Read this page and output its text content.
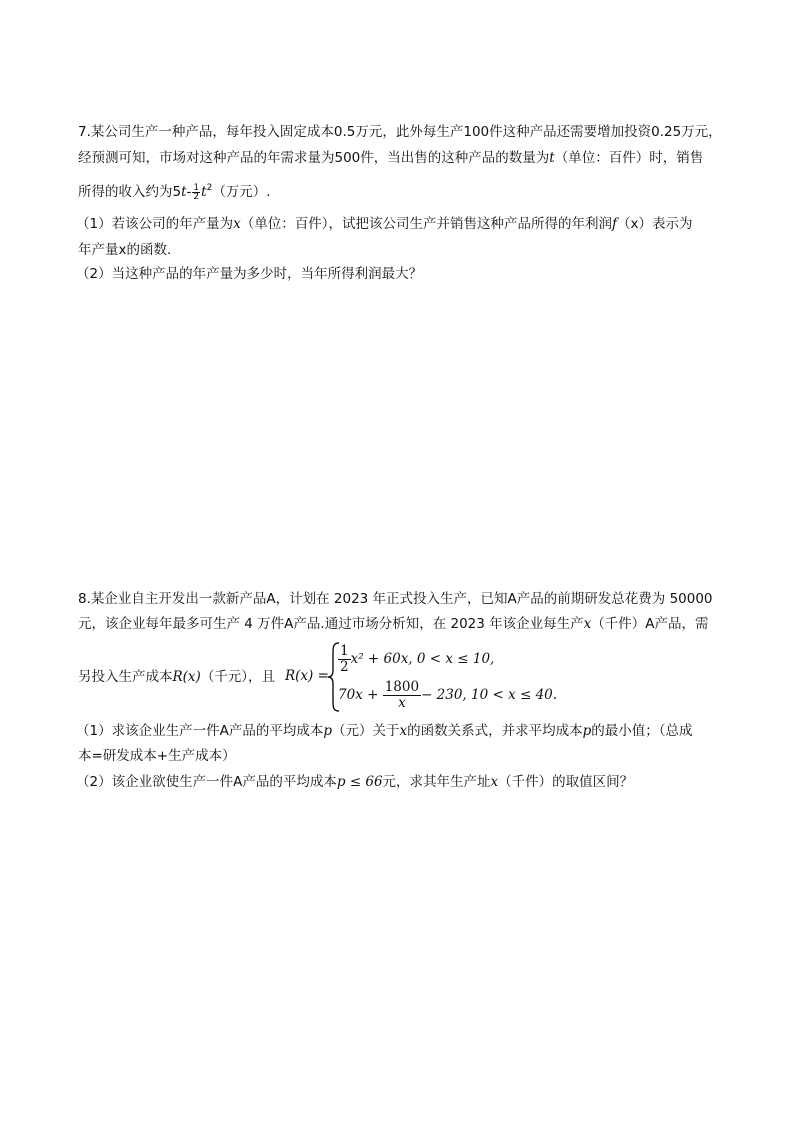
7.某公司生产一种产品，每年投入固定成本0.5万元，此外每生产100件这种产品还需要增加投资0.25万元，
经预测可知，市场对这种产品的年需求量为500件，当出售的这种产品的数量为t（单位：百件）时，销售
所得的收入约为$5t- \frac{1}{2} t^2$（万元）.
（1）若该公司的年产量为x（单位：百件），试把该公司生产并销售这种产品所得的年利润f（x）表示为
年产量x的函数.
（2）当这种产品的年产量为多少时，当年所得利润最大？
8.某企业自主开发出一款新产品A，计划在 2023 年正式投入生产，已知A产品的前期研发总花费为 50000
元，该企业每年最多可生产 4 万件A产品.通过市场分析知，在 2023 年该企业每生产x（千件）A产品，需
另投入生产成本R(x)（千元），且 R(x) =
$\frac{1}{2} x^2 + 60x$, 0 < x ≤ 10,
$70x + \frac{1800}{x} - 230$, 10 < x ≤ 40.
（1）求该企业生产一件A产品的平均成本p（元）关于x的函数关系式，并求平均成本p的最小值；（总成
本=研发成本+生产成本）
（2）该企业欲使生产一件A产品的平均成本p ≤ 66元，求其年生产址x（千件）的取值区间？
